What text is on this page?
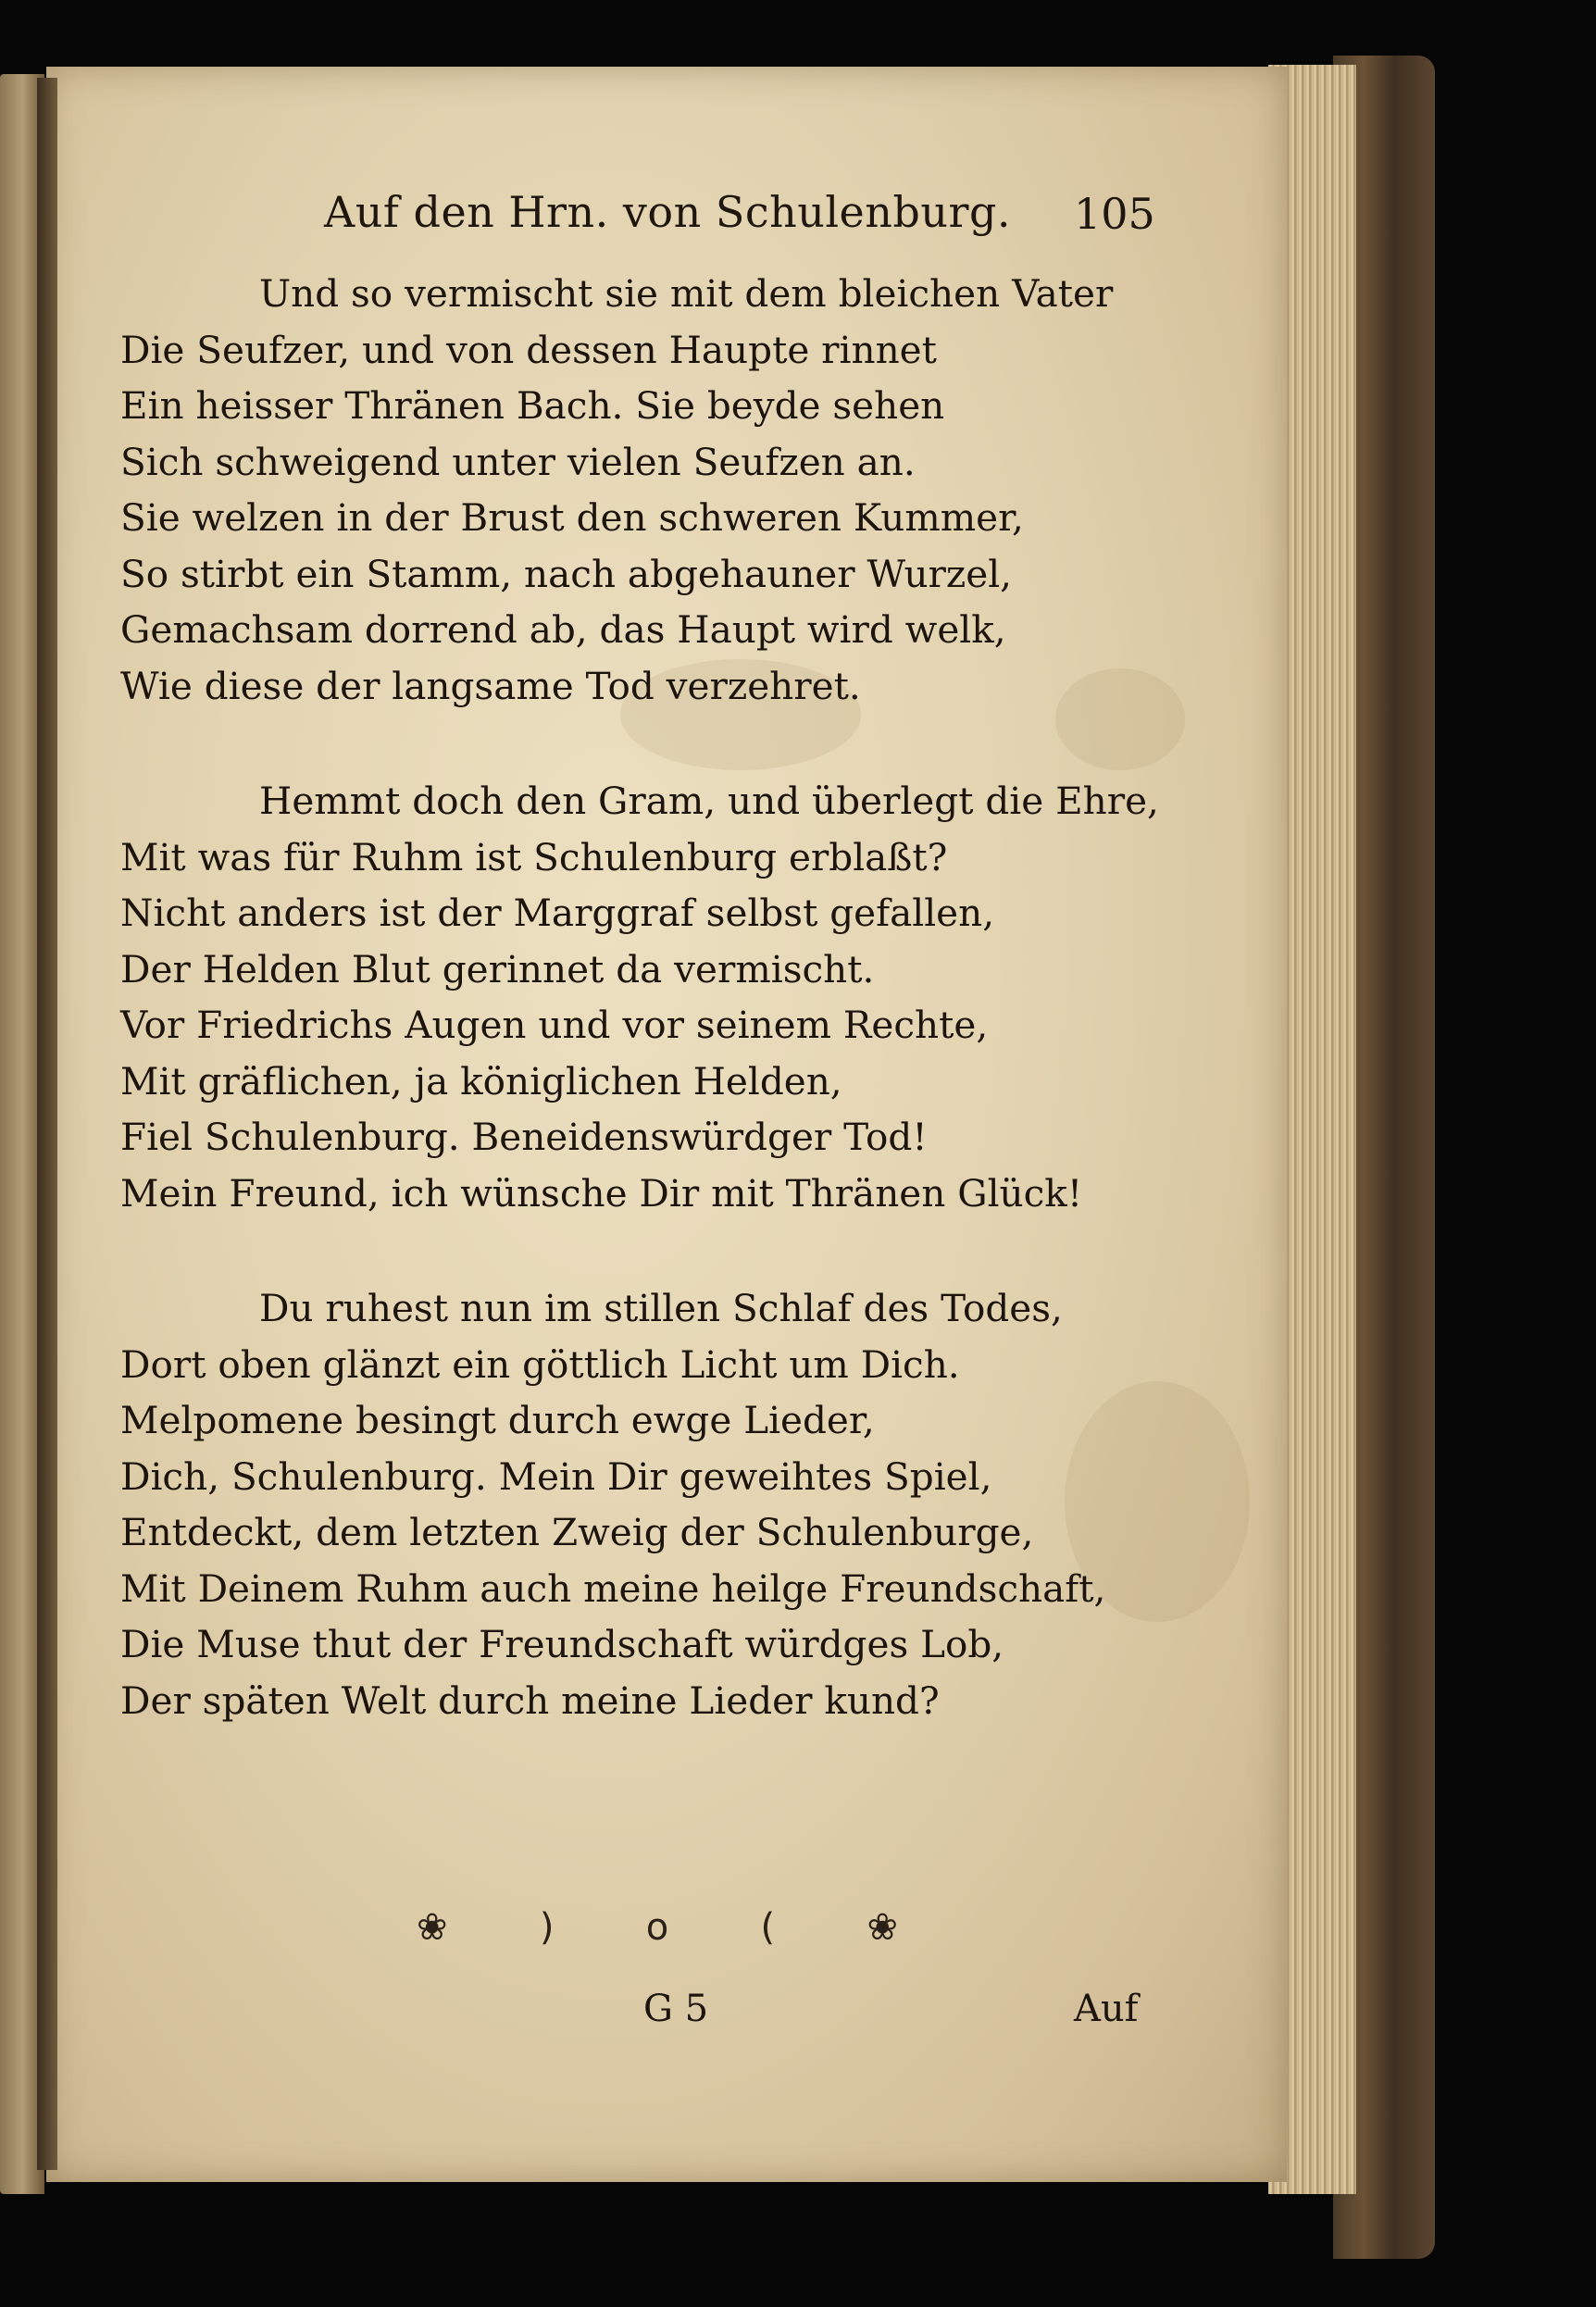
Auf den Hrn. von Schulenburg. 105
Und so vermischt sie mit dem bleichen Vater
Die Seufzer, und von dessen Haupte rinnet
Ein heisser Thränen Bach. Sie beyde sehen
Sich schweigend unter vielen Seufzen an.
Sie welzen in der Brust den schweren Kummer,
So stirbt ein Stamm, nach abgehauner Wurzel,
Gemachsam dorrend ab, das Haupt wird welk,
Wie diese der langsame Tod verzehret.
Hemmt doch den Gram, und überlegt die Ehre,
Mit was für Ruhm ist Schulenburg erblaßt?
Nicht anders ist der Marggraf selbst gefallen,
Der Helden Blut gerinnet da vermischt.
Vor Friedrichs Augen und vor seinem Rechte,
Mit gräflichen, ja königlichen Helden,
Fiel Schulenburg. Beneidenswürdger Tod!
Mein Freund, ich wünsche Dir mit Thränen Glück!
Du ruhest nun im stillen Schlaf des Todes,
Dort oben glänzt ein göttlich Licht um Dich.
Melpomene besingt durch ewge Lieder,
Dich, Schulenburg. Mein Dir geweihtes Spiel,
Entdeckt, dem letzten Zweig der Schulenburge,
Mit Deinem Ruhm auch meine heilge Freundschaft,
Die Muse thut der Freundschaft würdges Lob,
Der späten Welt durch meine Lieder kund?
❀ ) o ( ❀
G 5	Auf
